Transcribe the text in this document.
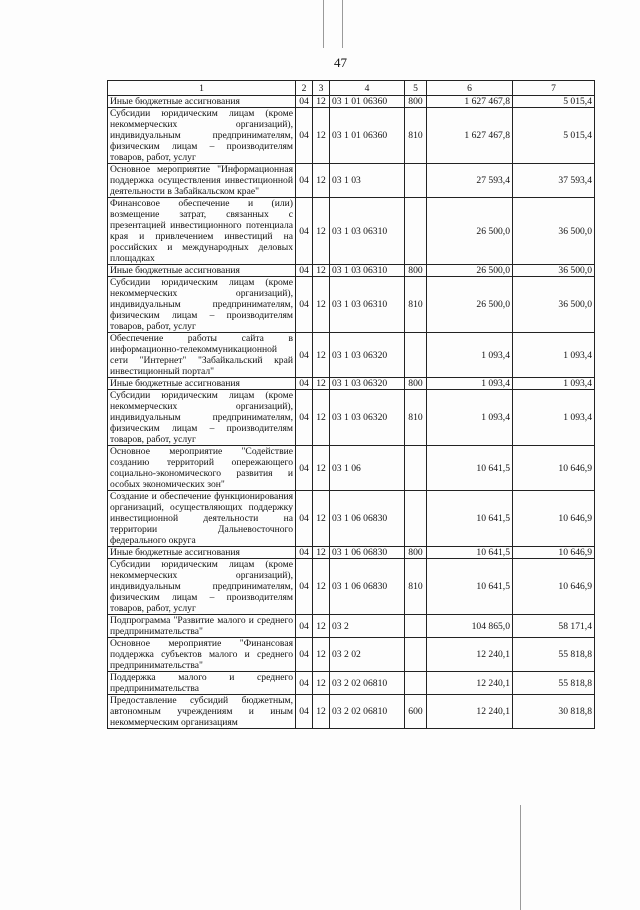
47
1	2	3	4	5	6	7
Иные бюджетные ассигнования	04	12	03 1 01 06360	800	1 627 467,8	5 015,4
Субсидии юридическим лицам (кроме некоммерческих организаций), индивидуальным предпринимателям, физическим лицам – производителям товаров, работ, услуг	04	12	03 1 01 06360	810	1 627 467,8	5 015,4
Основное мероприятие "Информационная поддержка осуществления инвестиционной деятельности в Забайкальском крае"	04	12	03 1 03		27 593,4	37 593,4
Финансовое обеспечение и (или) возмещение затрат, связанных с презентацией инвестиционного потенциала края и привлечением инвестиций на российских и международных деловых площадках	04	12	03 1 03 06310		26 500,0	36 500,0
Иные бюджетные ассигнования	04	12	03 1 03 06310	800	26 500,0	36 500,0
Субсидии юридическим лицам (кроме некоммерческих организаций), индивидуальным предпринимателям, физическим лицам – производителям товаров, работ, услуг	04	12	03 1 03 06310	810	26 500,0	36 500,0
Обеспечение работы сайта в информационно-телекоммуникационной сети "Интернет" "Забайкальский край инвестиционный портал"	04	12	03 1 03 06320		1 093,4	1 093,4
Иные бюджетные ассигнования	04	12	03 1 03 06320	800	1 093,4	1 093,4
Субсидии юридическим лицам (кроме некоммерческих организаций), индивидуальным предпринимателям, физическим лицам – производителям товаров, работ, услуг	04	12	03 1 03 06320	810	1 093,4	1 093,4
Основное мероприятие "Содействие созданию территорий опережающего социально-экономического развития и особых экономических зон"	04	12	03 1 06		10 641,5	10 646,9
Создание и обеспечение функционирования организаций, осуществляющих поддержку инвестиционной деятельности на территории Дальневосточного федерального округа	04	12	03 1 06 06830		10 641,5	10 646,9
Иные бюджетные ассигнования	04	12	03 1 06 06830	800	10 641,5	10 646,9
Субсидии юридическим лицам (кроме некоммерческих организаций), индивидуальным предпринимателям, физическим лицам – производителям товаров, работ, услуг	04	12	03 1 06 06830	810	10 641,5	10 646,9
Подпрограмма "Развитие малого и среднего предпринимательства"	04	12	03 2		104 865,0	58 171,4
Основное мероприятие "Финансовая поддержка субъектов малого и среднего предпринимательства"	04	12	03 2 02		12 240,1	55 818,8
Поддержка малого и среднего предпринимательства	04	12	03 2 02 06810		12 240,1	55 818,8
Предоставление субсидий бюджетным, автономным учреждениям и иным некоммерческим организациям	04	12	03 2 02 06810	600	12 240,1	30 818,8
